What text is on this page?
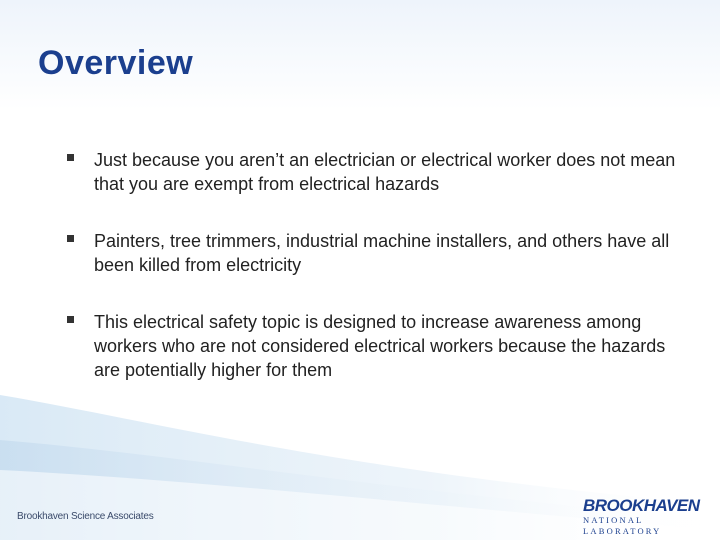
Overview
Just because you aren’t an electrician or electrical worker does not mean that you are exempt from electrical hazards
Painters, tree trimmers, industrial machine installers, and others have all been killed from electricity
This electrical safety topic is designed to increase awareness among workers who are not considered electrical workers because the hazards are potentially higher for them
Brookhaven Science Associates
BROOKHAVEN
NATIONAL LABORATORY
